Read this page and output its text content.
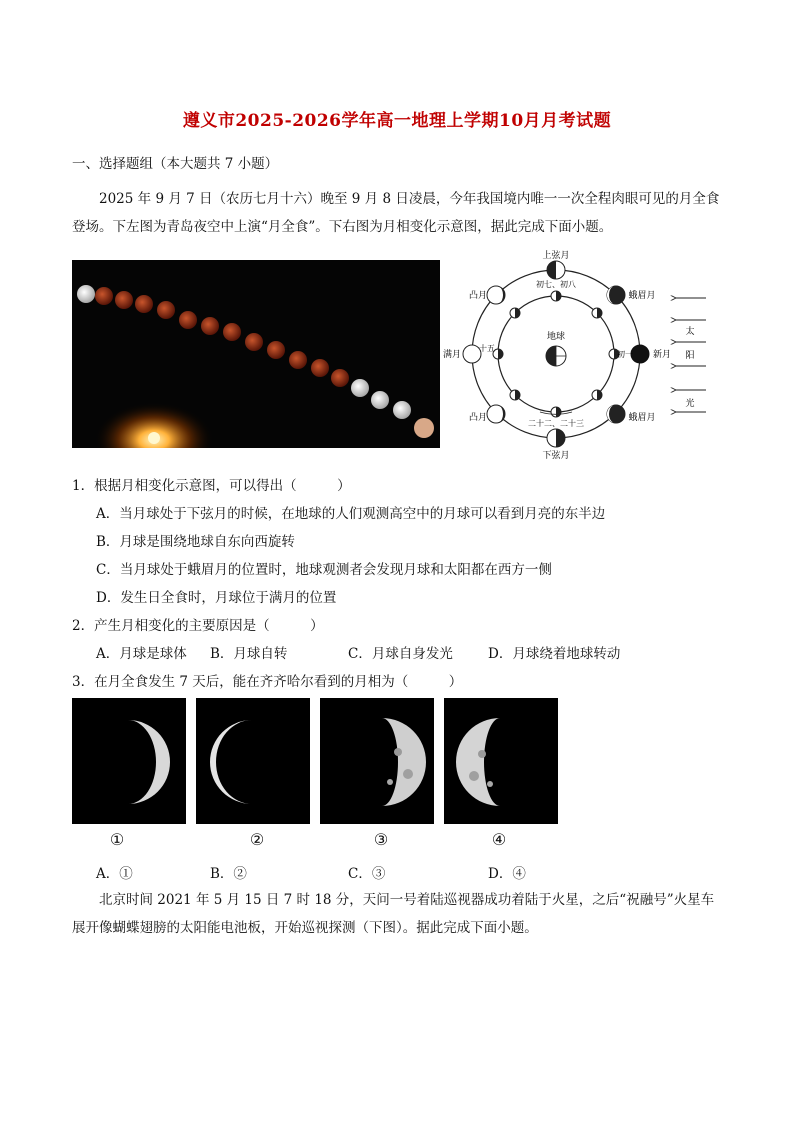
遵义市2025-2026学年高一地理上学期10月月考试题
一、选择题组（本大题共 7 小题）

2025 年 9 月 7 日（农历七月十六）晚至 9 月 8 日凌晨，今年我国境内唯一一次全程肉眼可见的月全食登场。下左图为青岛夜空中上演“月全食”。下右图为月相变化示意图，据此完成下面小题。

上弦月
初七、初八
凸月	蛾眉月
满月
十五
初一 新月
地球
凸月	蛾眉月
二十二、二十三
下弦月
太
阳
光
1．根据月相变化示意图，可以得出（　　　）
A．当月球处于下弦月的时候，在地球的人们观测高空中的月球可以看到月亮的东半边
B．月球是围绕地球自东向西旋转
C．当月球处于蛾眉月的位置时，地球观测者会发现月球和太阳都在西方一侧
D．发生日全食时，月球位于满月的位置
2．产生月相变化的主要原因是（　　　）
A．月球是球体 B．月球自转	C．月球自身发光	D．月球绕着地球转动
3．在月全食发生 7 天后，能在齐齐哈尔看到的月相为（　　　）
①	②	③	④
A．①	B．②	C．③	D．④

北京时间 2021 年 5 月 15 日 7 时 18 分，天问一号着陆巡视器成功着陆于火星，之后“祝融号”火星车展开像蝴蝶翅膀的太阳能电池板，开始巡视探测（下图）。据此完成下面小题。
